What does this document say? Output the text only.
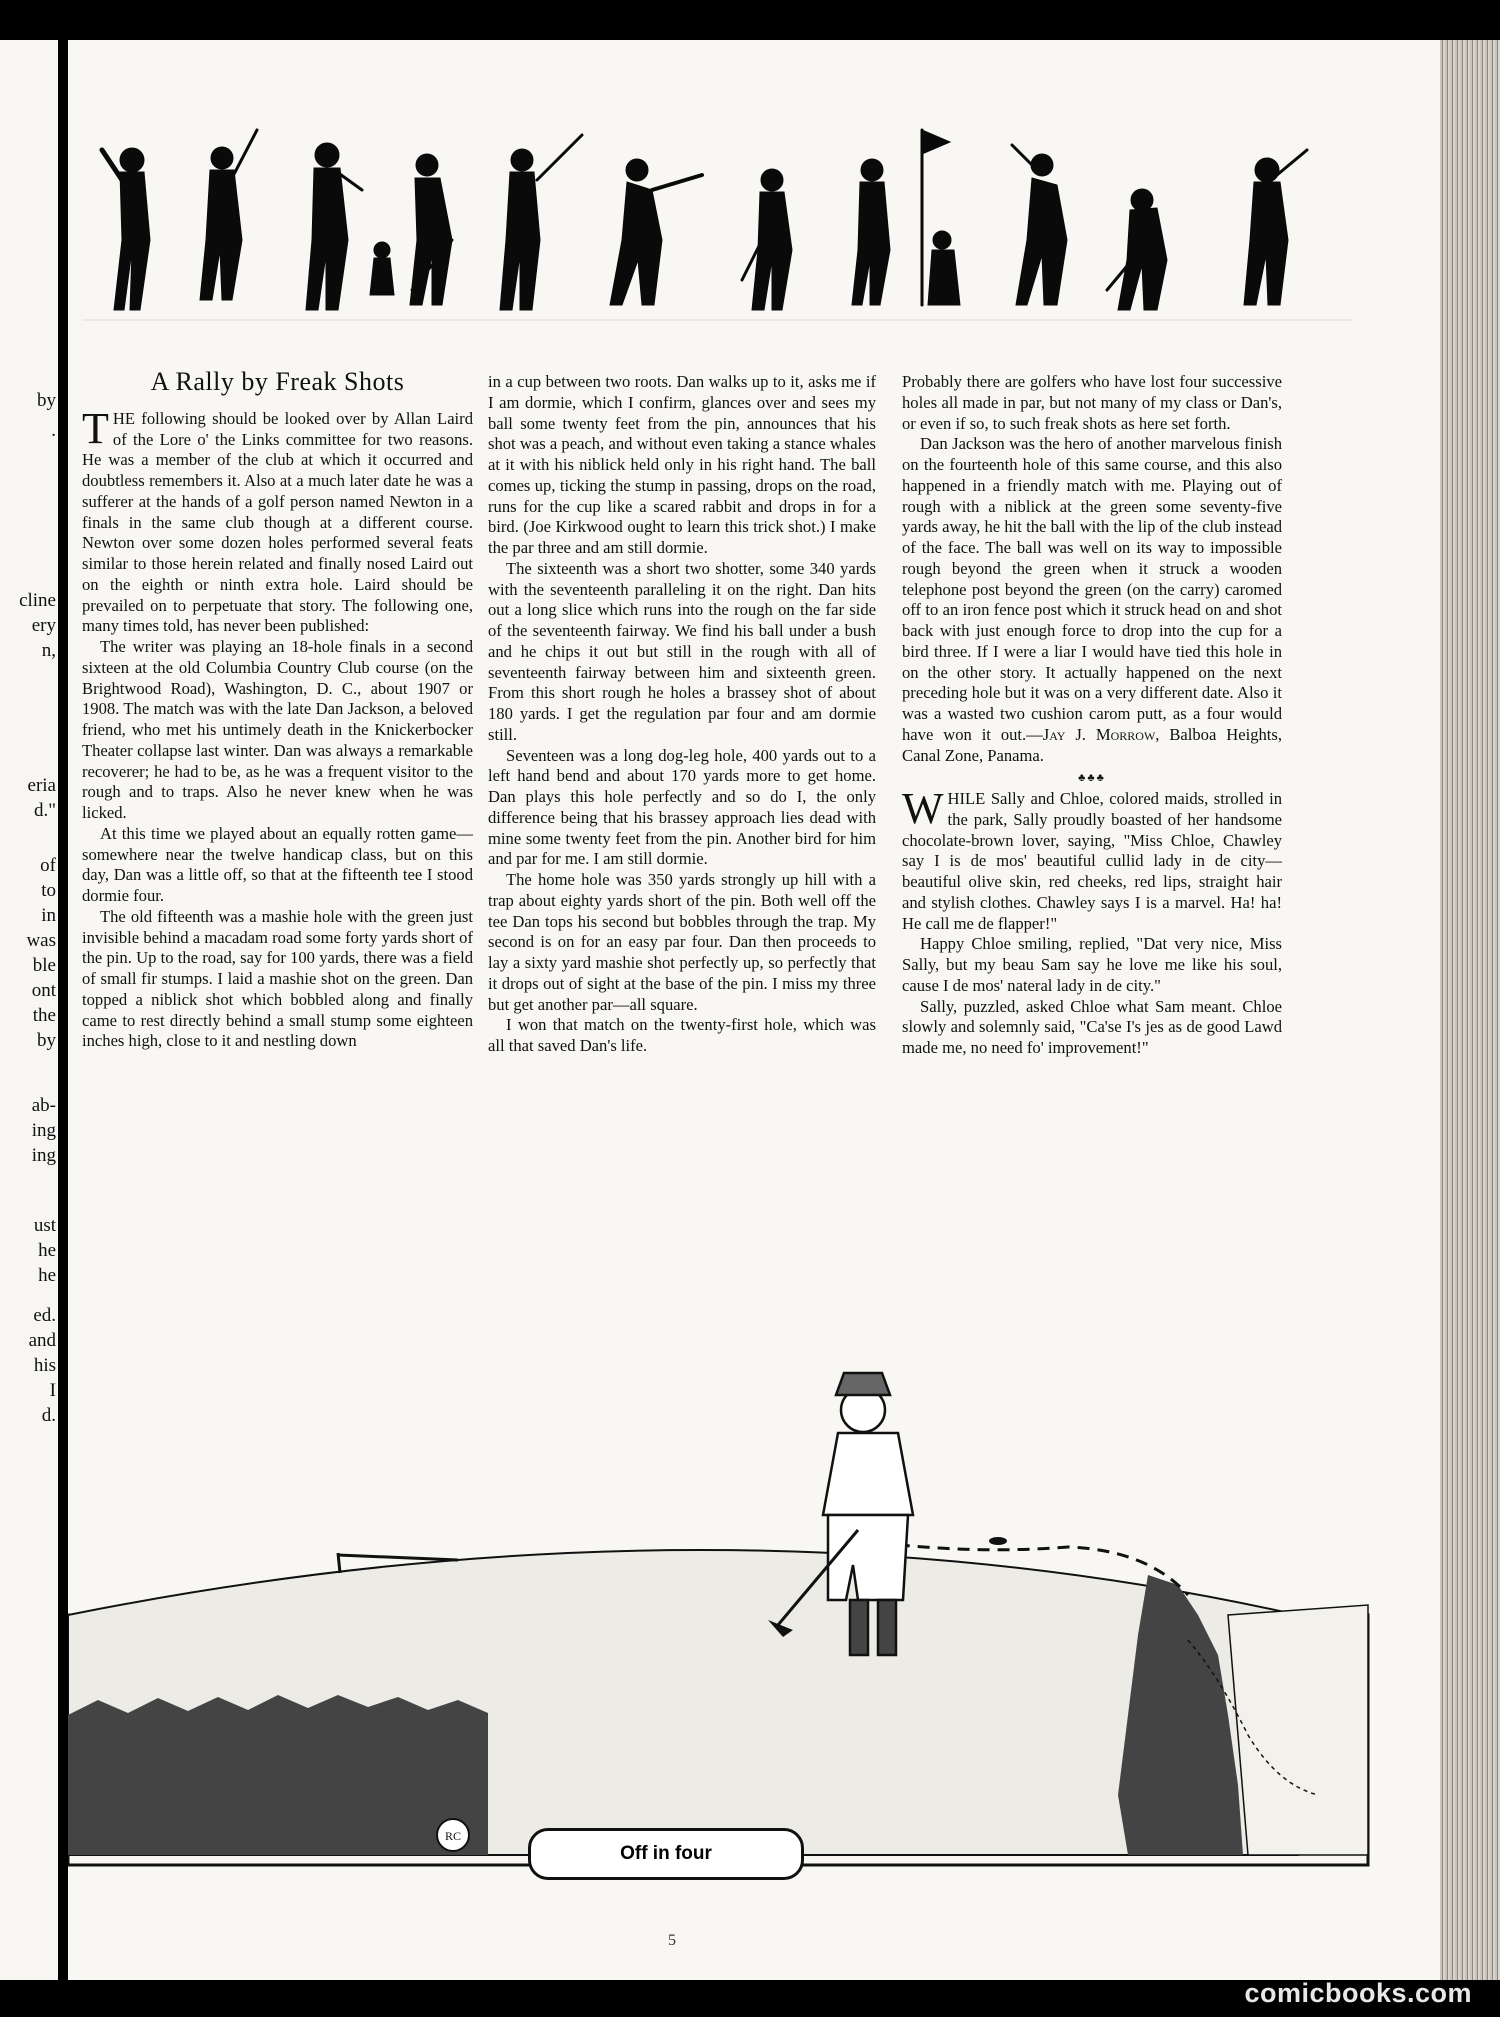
by
.
cline
ery
n,
eria
d."
of
to
in
was
ble
ont
the
by
ab-
ing
ing
ust
he
he
ed.
and
his
I
d.
A Rally by Freak Shots

THE following should be looked over by Allan Laird of the Lore o' the Links committee for two reasons. He was a member of the club at which it occurred and doubtless remembers it. Also at a much later date he was a sufferer at the hands of a golf person named Newton in a finals in the same club though at a different course. Newton over some dozen holes performed several feats similar to those herein related and finally nosed Laird out on the eighth or ninth extra hole. Laird should be prevailed on to perpetuate that story. The following one, many times told, has never been published:

The writer was playing an 18-hole finals in a second sixteen at the old Columbia Country Club course (on the Brightwood Road), Washington, D. C., about 1907 or 1908. The match was with the late Dan Jackson, a beloved friend, who met his untimely death in the Knickerbocker Theater collapse last winter. Dan was always a remarkable recoverer; he had to be, as he was a frequent visitor to the rough and to traps. Also he never knew when he was licked.

At this time we played about an equally rotten game—somewhere near the twelve handicap class, but on this day, Dan was a little off, so that at the fifteenth tee I stood dormie four.

The old fifteenth was a mashie hole with the green just invisible behind a macadam road some forty yards short of the pin. Up to the road, say for 100 yards, there was a field of small fir stumps. I laid a mashie shot on the green. Dan topped a niblick shot which bobbled along and finally came to rest directly behind a small stump some eighteen inches high, close to it and nestling down

in a cup between two roots. Dan walks up to it, asks me if I am dormie, which I confirm, glances over and sees my ball some twenty feet from the pin, announces that his shot was a peach, and without even taking a stance whales at it with his niblick held only in his right hand. The ball comes up, ticking the stump in passing, drops on the road, runs for the cup like a scared rabbit and drops in for a bird. (Joe Kirkwood ought to learn this trick shot.) I make the par three and am still dormie.

The sixteenth was a short two shotter, some 340 yards with the seventeenth paralleling it on the right. Dan hits out a long slice which runs into the rough on the far side of the seventeenth fairway. We find his ball under a bush and he chips it out but still in the rough with all of seventeenth fairway between him and sixteenth green. From this short rough he holes a brassey shot of about 180 yards. I get the regulation par four and am dormie still.

Seventeen was a long dog-leg hole, 400 yards out to a left hand bend and about 170 yards more to get home. Dan plays this hole perfectly and so do I, the only difference being that his brassey approach lies dead with mine some twenty feet from the pin. Another bird for him and par for me. I am still dormie.

The home hole was 350 yards strongly up hill with a trap about eighty yards short of the pin. Both well off the tee Dan tops his second but bobbles through the trap. My second is on for an easy par four. Dan then proceeds to lay a sixty yard mashie shot perfectly up, so perfectly that it drops out of sight at the base of the pin. I miss my three but get another par—all square.

I won that match on the twenty-first hole, which was all that saved Dan's life.

Probably there are golfers who have lost four successive holes all made in par, but not many of my class or Dan's, or even if so, to such freak shots as here set forth.

Dan Jackson was the hero of another marvelous finish on the fourteenth hole of this same course, and this also happened in a friendly match with me. Playing out of rough with a niblick at the green some seventy-five yards away, he hit the ball with the lip of the club instead of the face. The ball was well on its way to impossible rough beyond the green when it struck a wooden telephone post beyond the green (on the carry) caromed off to an iron fence post which it struck head on and shot back with just enough force to drop into the cup for a bird three. If I were a liar I would have tied this hole in on the other story. It actually happened on the next preceding hole but it was on a very different date. Also it was a wasted two cushion carom putt, as a four would have won it out.—Jay J. Morrow, Balboa Heights, Canal Zone, Panama.

♣♣♣

WHILE Sally and Chloe, colored maids, strolled in the park, Sally proudly boasted of her handsome chocolate-brown lover, saying, "Miss Chloe, Chawley say I is de mos' beautiful cullid lady in de city—beautiful olive skin, red cheeks, red lips, straight hair and stylish clothes. Chawley says I is a marvel. Ha! ha! He call me de flapper!"

Happy Chloe smiling, replied, "Dat very nice, Miss Sally, but my beau Sam say he love me like his soul, cause I de mos' nateral lady in de city."

Sally, puzzled, asked Chloe what Sam meant. Chloe slowly and solemnly said, "Ca'se I's jes as de good Lawd made me, no need fo' improvement!"

RC
Off in four
5
comicbooks.com
